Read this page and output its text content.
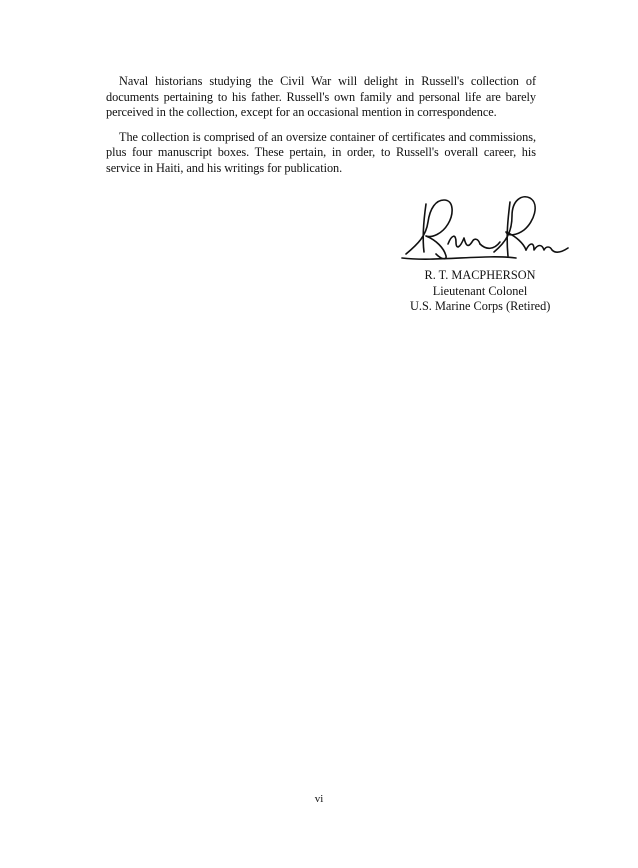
Naval historians studying the Civil War will delight in Russell's collection of documents pertaining to his father. Russell's own family and personal life are barely perceived in the collection, except for an occasional mention in correspondence.

The collection is comprised of an oversize container of certificates and commissions, plus four manuscript boxes. These pertain, in order, to Russell's overall career, his service in Haiti, and his writings for publication.

R. T. MACPHERSON
Lieutenant Colonel
U.S. Marine Corps (Retired)
vi
